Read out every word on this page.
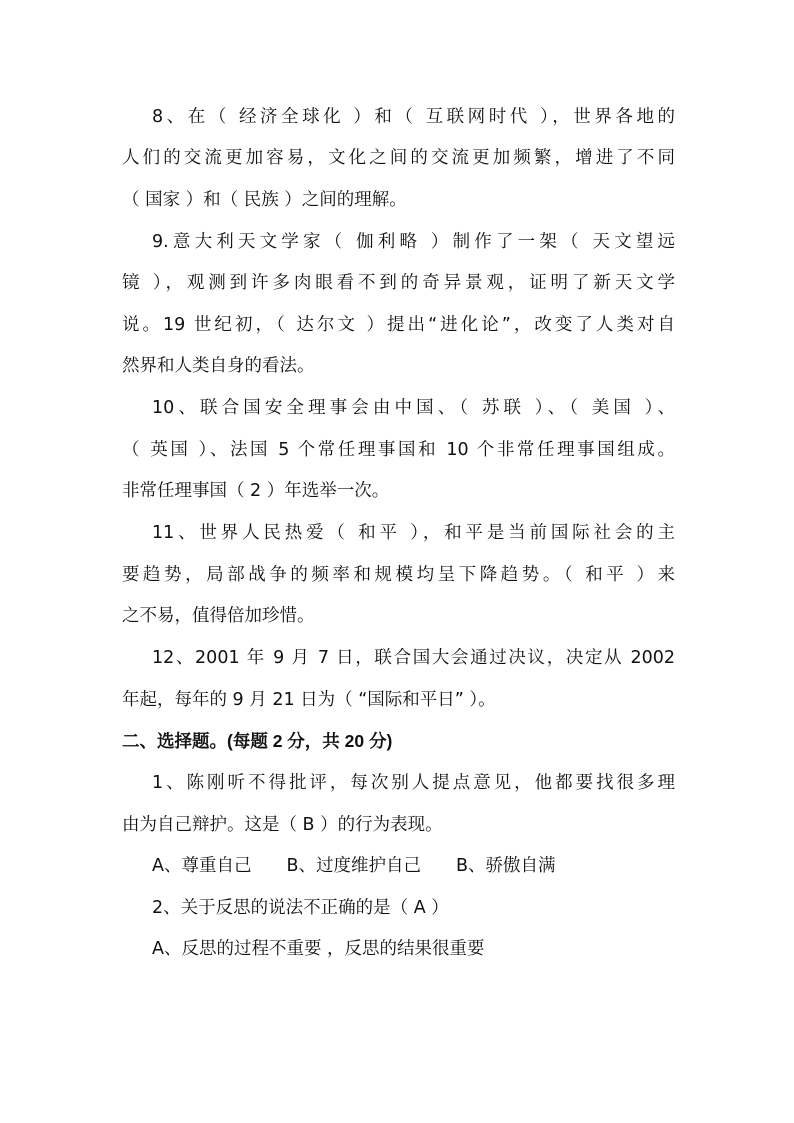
8、在（ 经济全球化 ）和（ 互联网时代 ），世界各地的
人们的交流更加容易，文化之间的交流更加频繁，增进了不同
（ 国家 ）和（ 民族 ）之间的理解。
9.意大利天文学家（ 伽利略 ）制作了一架（ 天文望远
镜 ），观测到许多肉眼看不到的奇异景观，证明了新天文学
说。19 世纪初，（ 达尔文 ）提出“进化论”，改变了人类对自
然界和人类自身的看法。
10、联合国安全理事会由中国、（ 苏联 ）、（ 美国 ）、
（ 英国 ）、法国 5 个常任理事国和 10 个非常任理事国组成。
非常任理事国（ 2 ）年选举一次。
11、世界人民热爱（ 和平 ），和平是当前国际社会的主
要趋势，局部战争的频率和规模均呈下降趋势。（ 和平 ）来
之不易，值得倍加珍惜。
12、2001 年 9 月 7 日，联合国大会通过决议，决定从 2002
年起，每年的 9 月 21 日为（ “国际和平日” ）。
二、选择题。(每题 2 分，共 20 分)
1、陈刚听不得批评，每次别人提点意见，他都要找很多理
由为自己辩护。这是（ B ）的行为表现。
A、尊重自己　　B、过度维护自己　　B、骄傲自满
2、关于反思的说法不正确的是（ A ）
A、反思的过程不重要 ，反思的结果很重要
